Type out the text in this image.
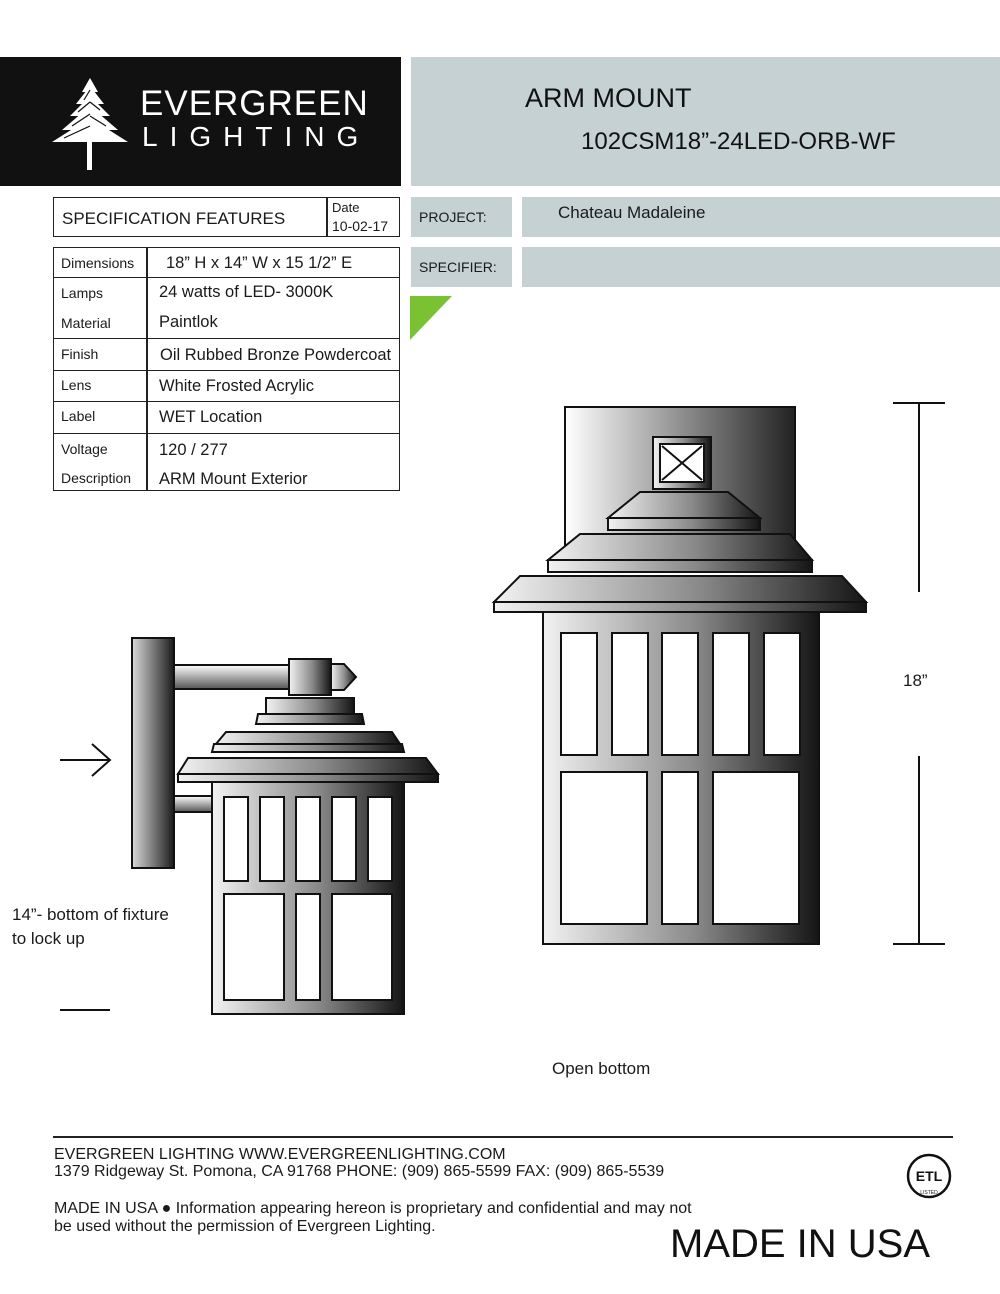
EVERGREEN
LIGHTING
ARM MOUNT
102CSM18”-24LED-ORB-WF
SPECIFICATION FEATURES
Date
10-02-17
Dimensions 18” H x 14” W x 15 1/2” E
Lamps	24 watts of LED- 3000K
Material	Paintlok
Finish	Oil Rubbed Bronze Powdercoat
Lens	White Frosted Acrylic
Label	WET Location
Voltage	120 / 277
Description ARM Mount Exterior
PROJECT:	Chateau Madaleine
SPECIFIER:
18”
14”- bottom of fixture
to lock up
Open bottom
EVERGREEN LIGHTING WWW.EVERGREENLIGHTING.COM
1379 Ridgeway St. Pomona, CA 91768 PHONE: (909) 865-5599 FAX: (909) 865-5539
MADE IN USA ● Information appearing hereon is proprietary and confidential and may not
be used without the permission of Evergreen Lighting.
ETL
LISTED
MADE IN USA
